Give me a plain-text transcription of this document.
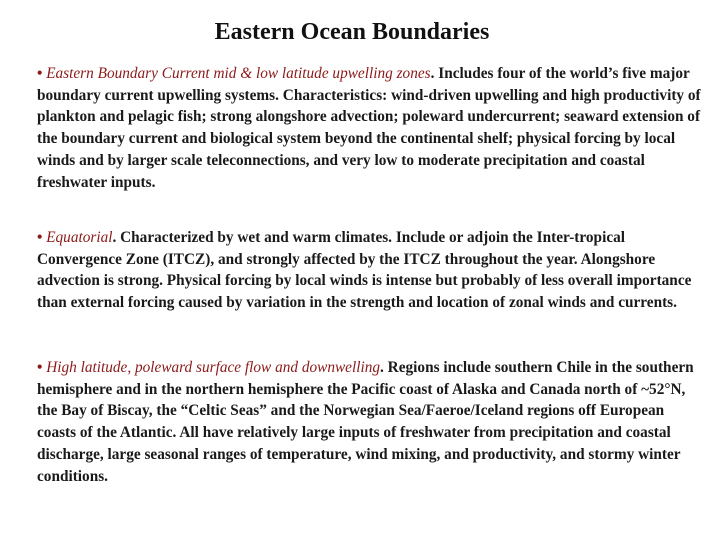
Eastern Ocean Boundaries

• Eastern Boundary Current mid & low latitude upwelling zones. Includes four of the world’s five major boundary current upwelling systems. Characteristics: wind-driven upwelling and high productivity of plankton and pelagic fish; strong alongshore advection; poleward undercurrent; seaward extension of the boundary current and biological system beyond the continental shelf; physical forcing by local winds and by larger scale teleconnections, and very low to moderate precipitation and coastal freshwater inputs.

• Equatorial. Characterized by wet and warm climates. Include or adjoin the Inter-tropical Convergence Zone (ITCZ), and strongly affected by the ITCZ throughout the year. Alongshore advection is strong. Physical forcing by local winds is intense but probably of less overall importance than external forcing caused by variation in the strength and location of zonal winds and currents.

• High latitude, poleward surface flow and downwelling. Regions include southern Chile in the southern hemisphere and in the northern hemisphere the Pacific coast of Alaska and Canada north of ~52°N, the Bay of Biscay, the “Celtic Seas” and the Norwegian Sea/Faeroe/Iceland regions off European coasts of the Atlantic. All have relatively large inputs of freshwater from precipitation and coastal discharge, large seasonal ranges of temperature, wind mixing, and productivity, and stormy winter conditions.
